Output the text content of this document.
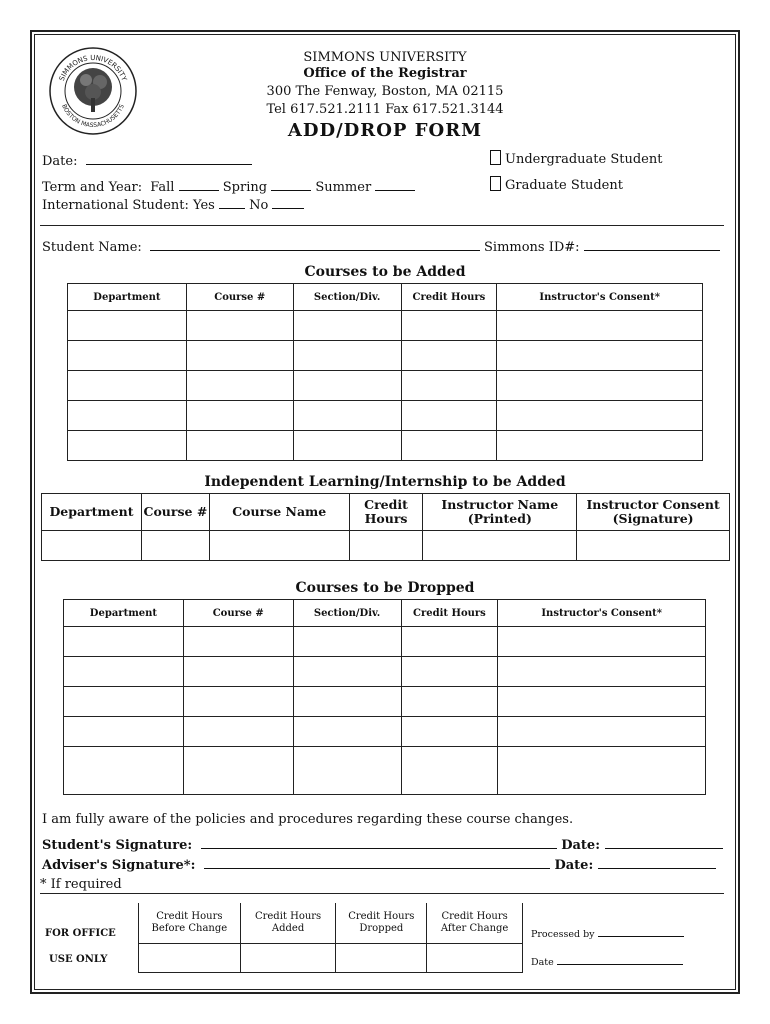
SIMMONS UNIVERSITY
BOSTON MASSACHUSETTS
SIMMONS UNIVERSITY
Office of the Registrar
300 The Fenway, Boston, MA 02115
Tel 617.521.2111 Fax 617.521.3144
ADD/DROP FORM
Date:
Term and Year: Fall	Spring	Summer
International Student: Yes	No
Undergraduate Student
Graduate Student
Student Name:	Simmons ID#:
Courses to be Added
Department	Course #	Section/Div.	Credit Hours	Instructor's Consent*

Independent Learning/Internship to be Added
Department	Course #	Course Name	Credit Hours	Instructor Name (Printed)	Instructor Consent (Signature)

Courses to be Dropped
Department	Course #	Section/Div.	Credit Hours	Instructor's Consent*

I am fully aware of the policies and procedures regarding these course changes.
Student's Signature:	Date:
Adviser's Signature*:	Date:
* If required
FOR OFFICE
USE ONLY
Credit Hours Before Change	Credit Hours Added	Credit Hours Dropped	Credit Hours After Change

Processed by
Date
